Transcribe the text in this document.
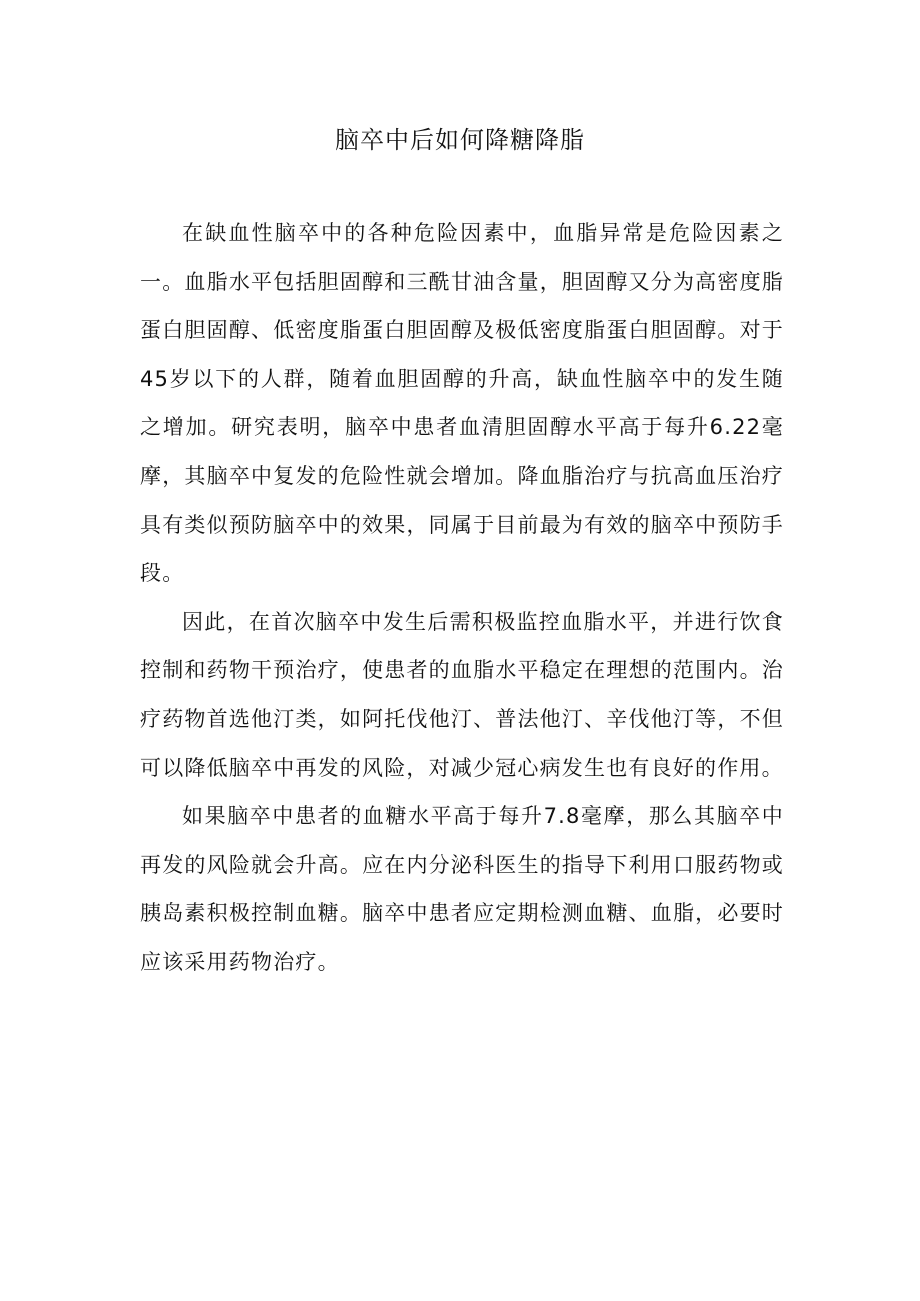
脑卒中后如何降糖降脂

在缺血性脑卒中的各种危险因素中，血脂异常是危险因素之一。血脂水平包括胆固醇和三酰甘油含量，胆固醇又分为高密度脂蛋白胆固醇、低密度脂蛋白胆固醇及极低密度脂蛋白胆固醇。对于45岁以下的人群，随着血胆固醇的升高，缺血性脑卒中的发生随之增加。研究表明，脑卒中患者血清胆固醇水平高于每升6.22毫摩，其脑卒中复发的危险性就会增加。降血脂治疗与抗高血压治疗具有类似预防脑卒中的效果，同属于目前最为有效的脑卒中预防手段。

因此，在首次脑卒中发生后需积极监控血脂水平，并进行饮食控制和药物干预治疗，使患者的血脂水平稳定在理想的范围内。治疗药物首选他汀类，如阿托伐他汀、普法他汀、辛伐他汀等，不但可以降低脑卒中再发的风险，对减少冠心病发生也有良好的作用。

如果脑卒中患者的血糖水平高于每升7.8毫摩，那么其脑卒中再发的风险就会升高。应在内分泌科医生的指导下利用口服药物或胰岛素积极控制血糖。脑卒中患者应定期检测血糖、血脂，必要时应该采用药物治疗。
